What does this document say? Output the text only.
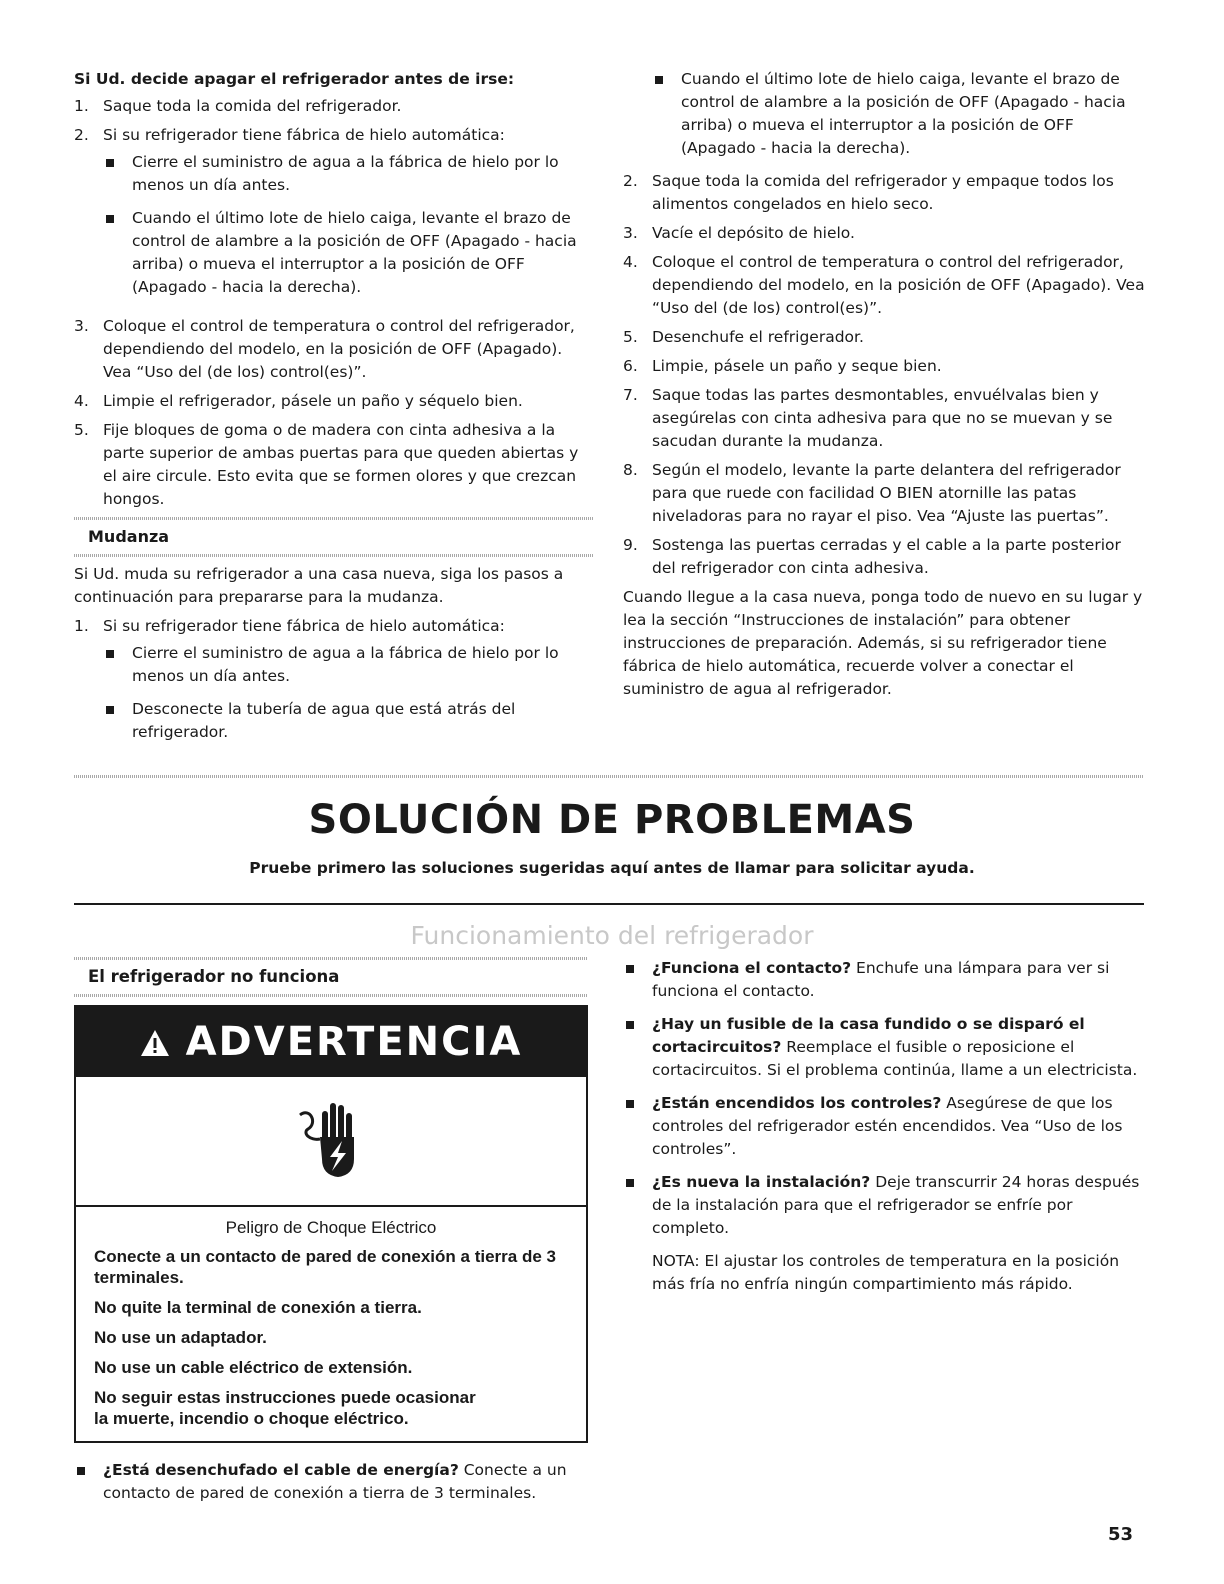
Si Ud. decide apagar el refrigerador antes de irse:
1. Saque toda la comida del refrigerador.
2. Si su refrigerador tiene fábrica de hielo automática:
Cierre el suministro de agua a la fábrica de hielo por lo menos un día antes.
Cuando el último lote de hielo caiga, levante el brazo de control de alambre a la posición de OFF (Apagado - hacia arriba) o mueva el interruptor a la posición de OFF (Apagado - hacia la derecha).
3. Coloque el control de temperatura o control del refrigerador, dependiendo del modelo, en la posición de OFF (Apagado). Vea “Uso del (de los) control(es)”.
4. Limpie el refrigerador, pásele un paño y séquelo bien.
5. Fije bloques de goma o de madera con cinta adhesiva a la parte superior de ambas puertas para que queden abiertas y el aire circule. Esto evita que se formen olores y que crezcan hongos.
Mudanza
Si Ud. muda su refrigerador a una casa nueva, siga los pasos a continuación para prepararse para la mudanza.
1. Si su refrigerador tiene fábrica de hielo automática:
Cierre el suministro de agua a la fábrica de hielo por lo menos un día antes.
Desconecte la tubería de agua que está atrás del refrigerador.
Cuando el último lote de hielo caiga, levante el brazo de control de alambre a la posición de OFF (Apagado - hacia arriba) o mueva el interruptor a la posición de OFF (Apagado - hacia la derecha).
2. Saque toda la comida del refrigerador y empaque todos los alimentos congelados en hielo seco.
3. Vacíe el depósito de hielo.
4. Coloque el control de temperatura o control del refrigerador, dependiendo del modelo, en la posición de OFF (Apagado). Vea “Uso del (de los) control(es)”.
5. Desenchufe el refrigerador.
6. Limpie, pásele un paño y seque bien.
7. Saque todas las partes desmontables, envuélvalas bien y asegúrelas con cinta adhesiva para que no se muevan y se sacudan durante la mudanza.
8. Según el modelo, levante la parte delantera del refrigerador para que ruede con facilidad O BIEN atornille las patas niveladoras para no rayar el piso. Vea “Ajuste las puertas”.
9. Sostenga las puertas cerradas y el cable a la parte posterior del refrigerador con cinta adhesiva.
Cuando llegue a la casa nueva, ponga todo de nuevo en su lugar y lea la sección “Instrucciones de instalación” para obtener instrucciones de preparación. Además, si su refrigerador tiene fábrica de hielo automática, recuerde volver a conectar el suministro de agua al refrigerador.
SOLUCIÓN DE PROBLEMAS
Pruebe primero las soluciones sugeridas aquí antes de llamar para solicitar ayuda.
Funcionamiento del refrigerador
El refrigerador no funciona
ADVERTENCIA
Peligro de Choque Eléctrico
Conecte a un contacto de pared de conexión a tierra de 3 terminales.
No quite la terminal de conexión a tierra.
No use un adaptador.
No use un cable eléctrico de extensión.
No seguir estas instrucciones puede ocasionar la muerte, incendio o choque eléctrico.
¿Está desenchufado el cable de energía? Conecte a un contacto de pared de conexión a tierra de 3 terminales.
¿Funciona el contacto? Enchufe una lámpara para ver si funciona el contacto.
¿Hay un fusible de la casa fundido o se disparó el cortacircuitos? Reemplace el fusible o reposicione el cortacircuitos. Si el problema continúa, llame a un electricista.
¿Están encendidos los controles? Asegúrese de que los controles del refrigerador estén encendidos. Vea “Uso de los controles”.
¿Es nueva la instalación? Deje transcurrir 24 horas después de la instalación para que el refrigerador se enfríe por completo.
NOTA: El ajustar los controles de temperatura en la posición más fría no enfría ningún compartimiento más rápido.
53
